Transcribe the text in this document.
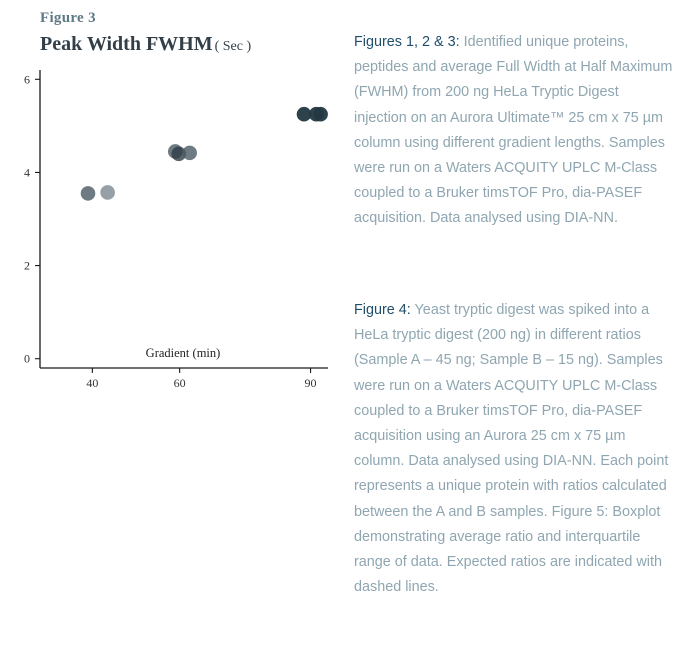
Figure 3
Peak Width FWHM ( Sec )
0
2
4
6
40	60	90
Gradient (min)
Figures 1, 2 & 3: Identified unique proteins, peptides and average Full Width at Half Maximum (FWHM) from 200 ng HeLa Tryptic Digest injection on an Aurora Ultimate™ 25 cm x 75 µm column using different gradient lengths. Samples were run on a Waters ACQUITY UPLC M-Class coupled to a Bruker timsTOF Pro, dia-PASEF acquisition. Data analysed using DIA-NN.
Figure 4: Yeast tryptic digest was spiked into a HeLa tryptic digest (200 ng) in different ratios (Sample A – 45 ng; Sample B – 15 ng). Samples were run on a Waters ACQUITY UPLC M-Class coupled to a Bruker timsTOF Pro, dia-PASEF acquisition using an Aurora 25 cm x 75 µm column. Data analysed using DIA-NN. Each point represents a unique protein with ratios calculated between the A and B samples. Figure 5: Boxplot demonstrating average ratio and interquartile range of data. Expected ratios are indicated with dashed lines.
